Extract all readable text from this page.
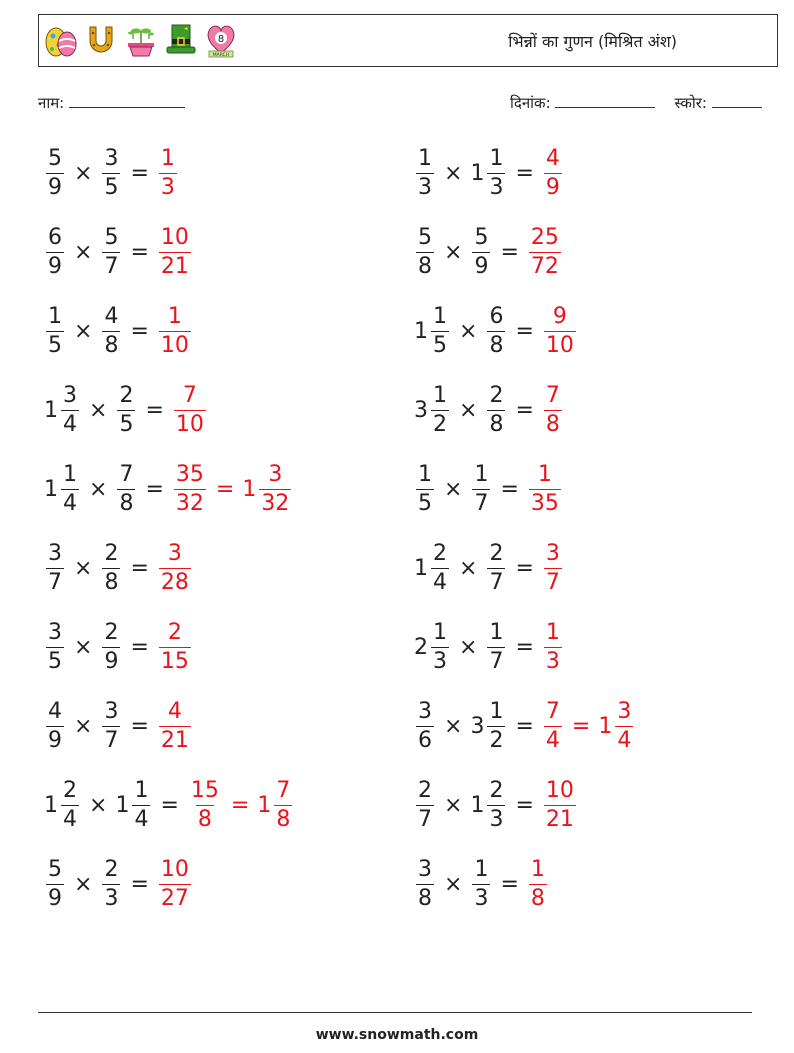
8
MARCH
भिन्नों का गुणन (मिश्रित अंश)
नाम:	दिनांक:	स्कोर:
$\frac{5}{9} \times \frac{3}{5} = \frac{1}{3}$	$\frac{1}{3} \times 1 \frac{1}{3} = \frac{4}{9}$
$\frac{6}{9} \times \frac{5}{7} = \frac{10}{21}$	$\frac{5}{8} \times \frac{5}{9} = \frac{25}{72}$
$\frac{1}{5} \times \frac{4}{8} = \frac{1}{10}$	$1 \frac{1}{5} \times \frac{6}{8} = \frac{9}{10}$
$1 \frac{3}{4} \times \frac{2}{5} = \frac{7}{10}$	$3 \frac{1}{2} \times \frac{2}{8} = \frac{7}{8}$
$1 \frac{1}{4} \times \frac{7}{8} = \frac{35}{32} = 1 \frac{3}{32}$	$\frac{1}{5} \times \frac{1}{7} = \frac{1}{35}$
$\frac{3}{7} \times \frac{2}{8} = \frac{3}{28}$	$1 \frac{2}{4} \times \frac{2}{7} = \frac{3}{7}$
$\frac{3}{5} \times \frac{2}{9} = \frac{2}{15}$	$2 \frac{1}{3} \times \frac{1}{7} = \frac{1}{3}$
$\frac{4}{9} \times \frac{3}{7} = \frac{4}{21}$	$\frac{3}{6} \times 3 \frac{1}{2} = \frac{7}{4} = 1 \frac{3}{4}$
$1 \frac{2}{4} \times 1 \frac{1}{4} = \frac{15}{8} = 1 \frac{7}{8}$	$\frac{2}{7} \times 1 \frac{2}{3} = \frac{10}{21}$
$\frac{5}{9} \times \frac{2}{3} = \frac{10}{27}$	$\frac{3}{8} \times \frac{1}{3} = \frac{1}{8}$
www.snowmath.com
